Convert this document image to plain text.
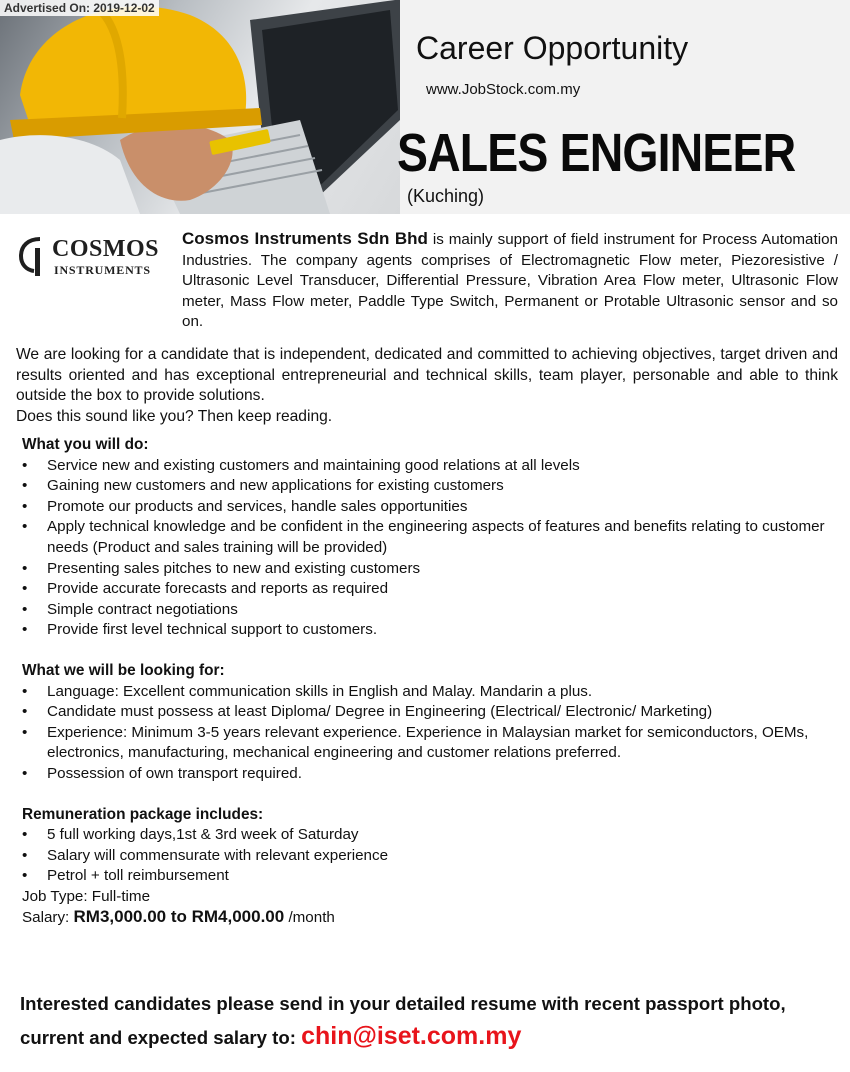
Advertised On: 2019-12-02
Career Opportunity
www.JobStock.com.my
SALES ENGINEER
(Kuching)
COSMOS
INSTRUMENTS
Cosmos Instruments Sdn Bhd is mainly support of field instrument for Process Automation Industries. The company agents comprises of Electromagnetic Flow meter, Piezoresistive / Ultrasonic Level Transducer, Differential Pressure, Vibration Area Flow meter, Ultrasonic Flow meter, Mass Flow meter, Paddle Type Switch, Permanent or Protable Ultrasonic sensor and so on.
We are looking for a candidate that is independent, dedicated and committed to achieving objectives, target driven and results oriented and has exceptional entrepreneurial and technical skills, team player, personable and able to think outside the box to provide solutions.
Does this sound like you? Then keep reading.
What you will do:
• Service new and existing customers and maintaining good relations at all levels
• Gaining new customers and new applications for existing customers
• Promote our products and services, handle sales opportunities
• Apply technical knowledge and be confident in the engineering aspects of features and benefits relating to customer needs (Product and sales training will be provided)
• Presenting sales pitches to new and existing customers
• Provide accurate forecasts and reports as required
• Simple contract negotiations
• Provide first level technical support to customers.
What we will be looking for:
• Language: Excellent communication skills in English and Malay. Mandarin a plus.
• Candidate must possess at least Diploma/ Degree in Engineering (Electrical/ Electronic/ Marketing)
• Experience: Minimum 3-5 years relevant experience. Experience in Malaysian market for semiconductors, OEMs, electronics, manufacturing, mechanical engineering and customer relations preferred.
• Possession of own transport required.
Remuneration package includes:
• 5 full working days,1st & 3rd week of Saturday
• Salary will commensurate with relevant experience
• Petrol + toll reimbursement
Job Type: Full-time
Salary: RM3,000.00 to RM4,000.00 /month
Interested candidates please send in your detailed resume with recent passport photo, current and expected salary to: chin@iset.com.my
